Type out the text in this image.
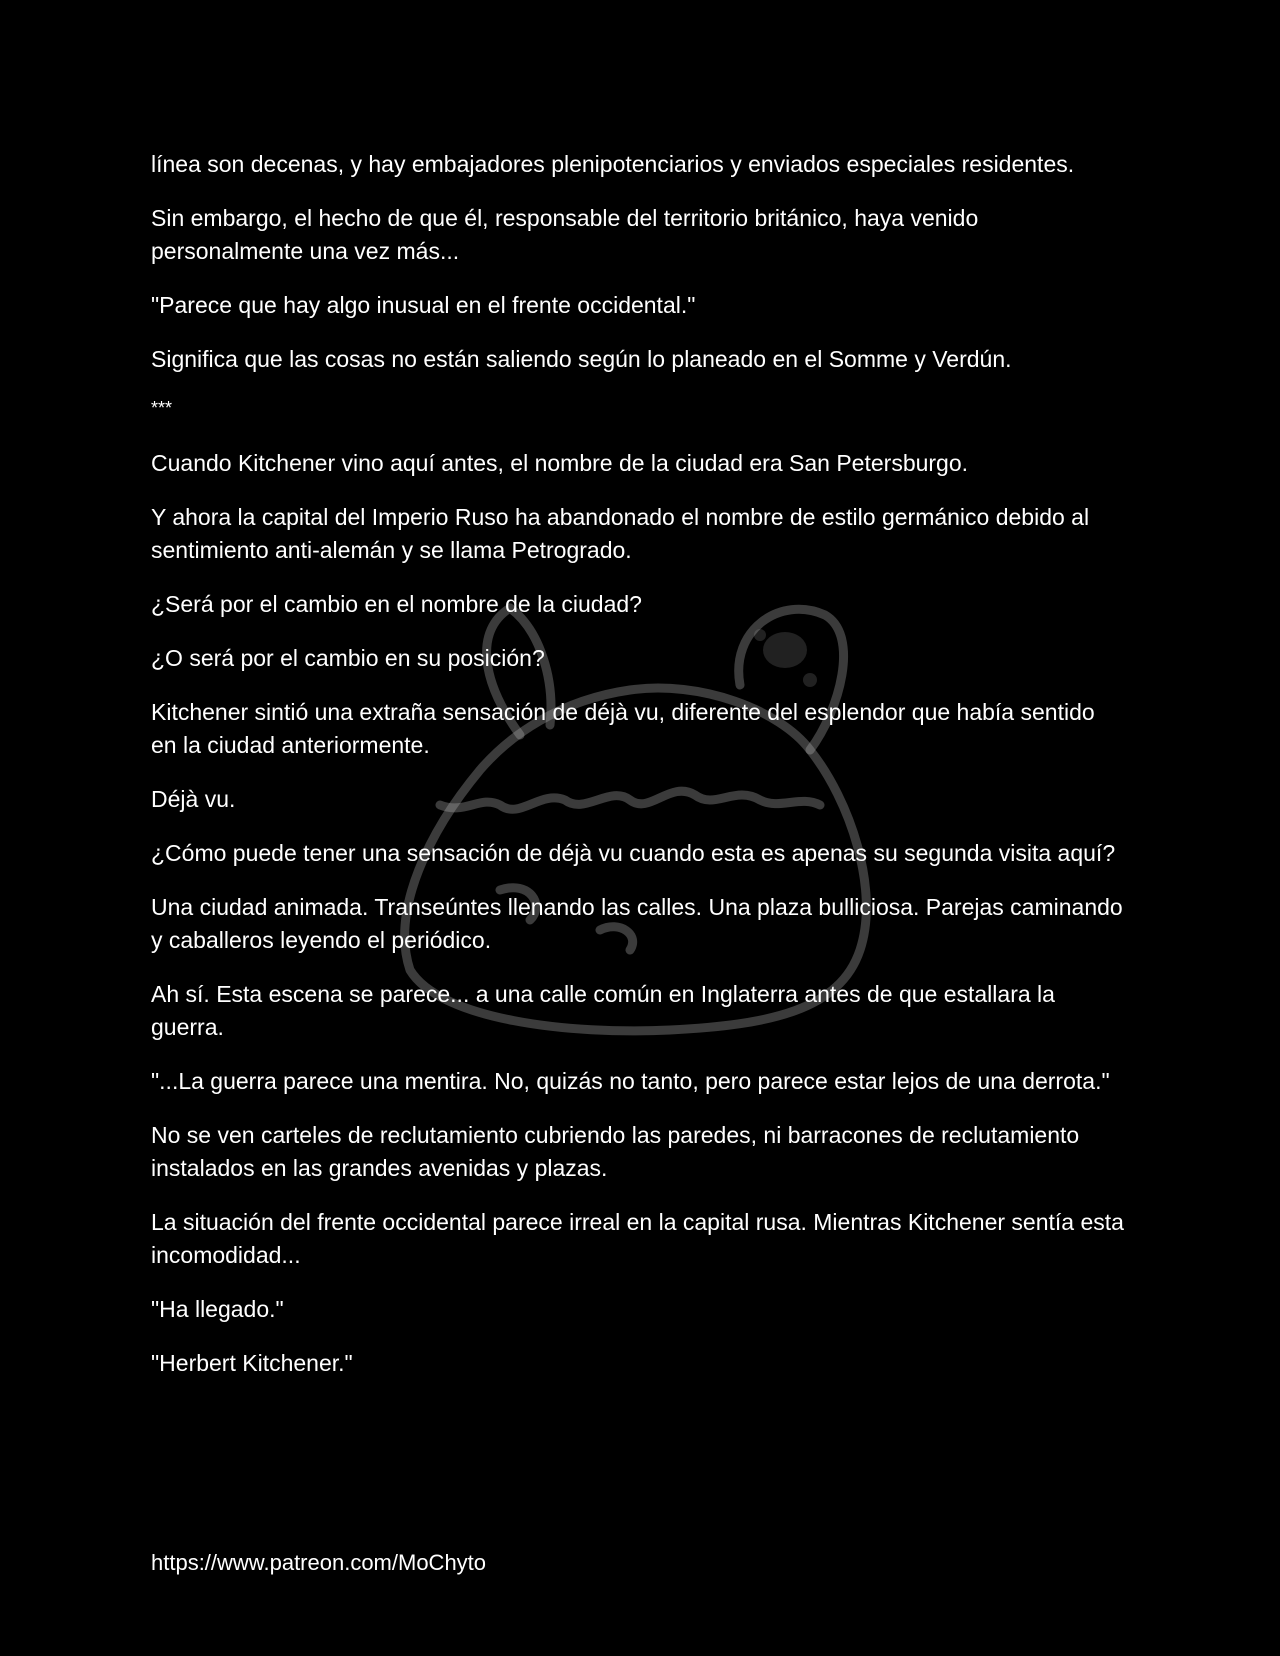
línea son decenas, y hay embajadores plenipotenciarios y enviados especiales residentes.

Sin embargo, el hecho de que él, responsable del territorio británico, haya venido personalmente una vez más...

"Parece que hay algo inusual en el frente occidental."

Significa que las cosas no están saliendo según lo planeado en el Somme y Verdún.

***

Cuando Kitchener vino aquí antes, el nombre de la ciudad era San Petersburgo.

Y ahora la capital del Imperio Ruso ha abandonado el nombre de estilo germánico debido al sentimiento anti-alemán y se llama Petrogrado.

¿Será por el cambio en el nombre de la ciudad?

¿O será por el cambio en su posición?

Kitchener sintió una extraña sensación de déjà vu, diferente del esplendor que había sentido en la ciudad anteriormente.

Déjà vu.

¿Cómo puede tener una sensación de déjà vu cuando esta es apenas su segunda visita aquí?

Una ciudad animada. Transeúntes llenando las calles. Una plaza bulliciosa. Parejas caminando y caballeros leyendo el periódico.

Ah sí. Esta escena se parece... a una calle común en Inglaterra antes de que estallara la guerra.

"...La guerra parece una mentira. No, quizás no tanto, pero parece estar lejos de una derrota."

No se ven carteles de reclutamiento cubriendo las paredes, ni barracones de reclutamiento instalados en las grandes avenidas y plazas.

La situación del frente occidental parece irreal en la capital rusa. Mientras Kitchener sentía esta incomodidad...

"Ha llegado."

"Herbert Kitchener."

https://www.patreon.com/MoChyto
